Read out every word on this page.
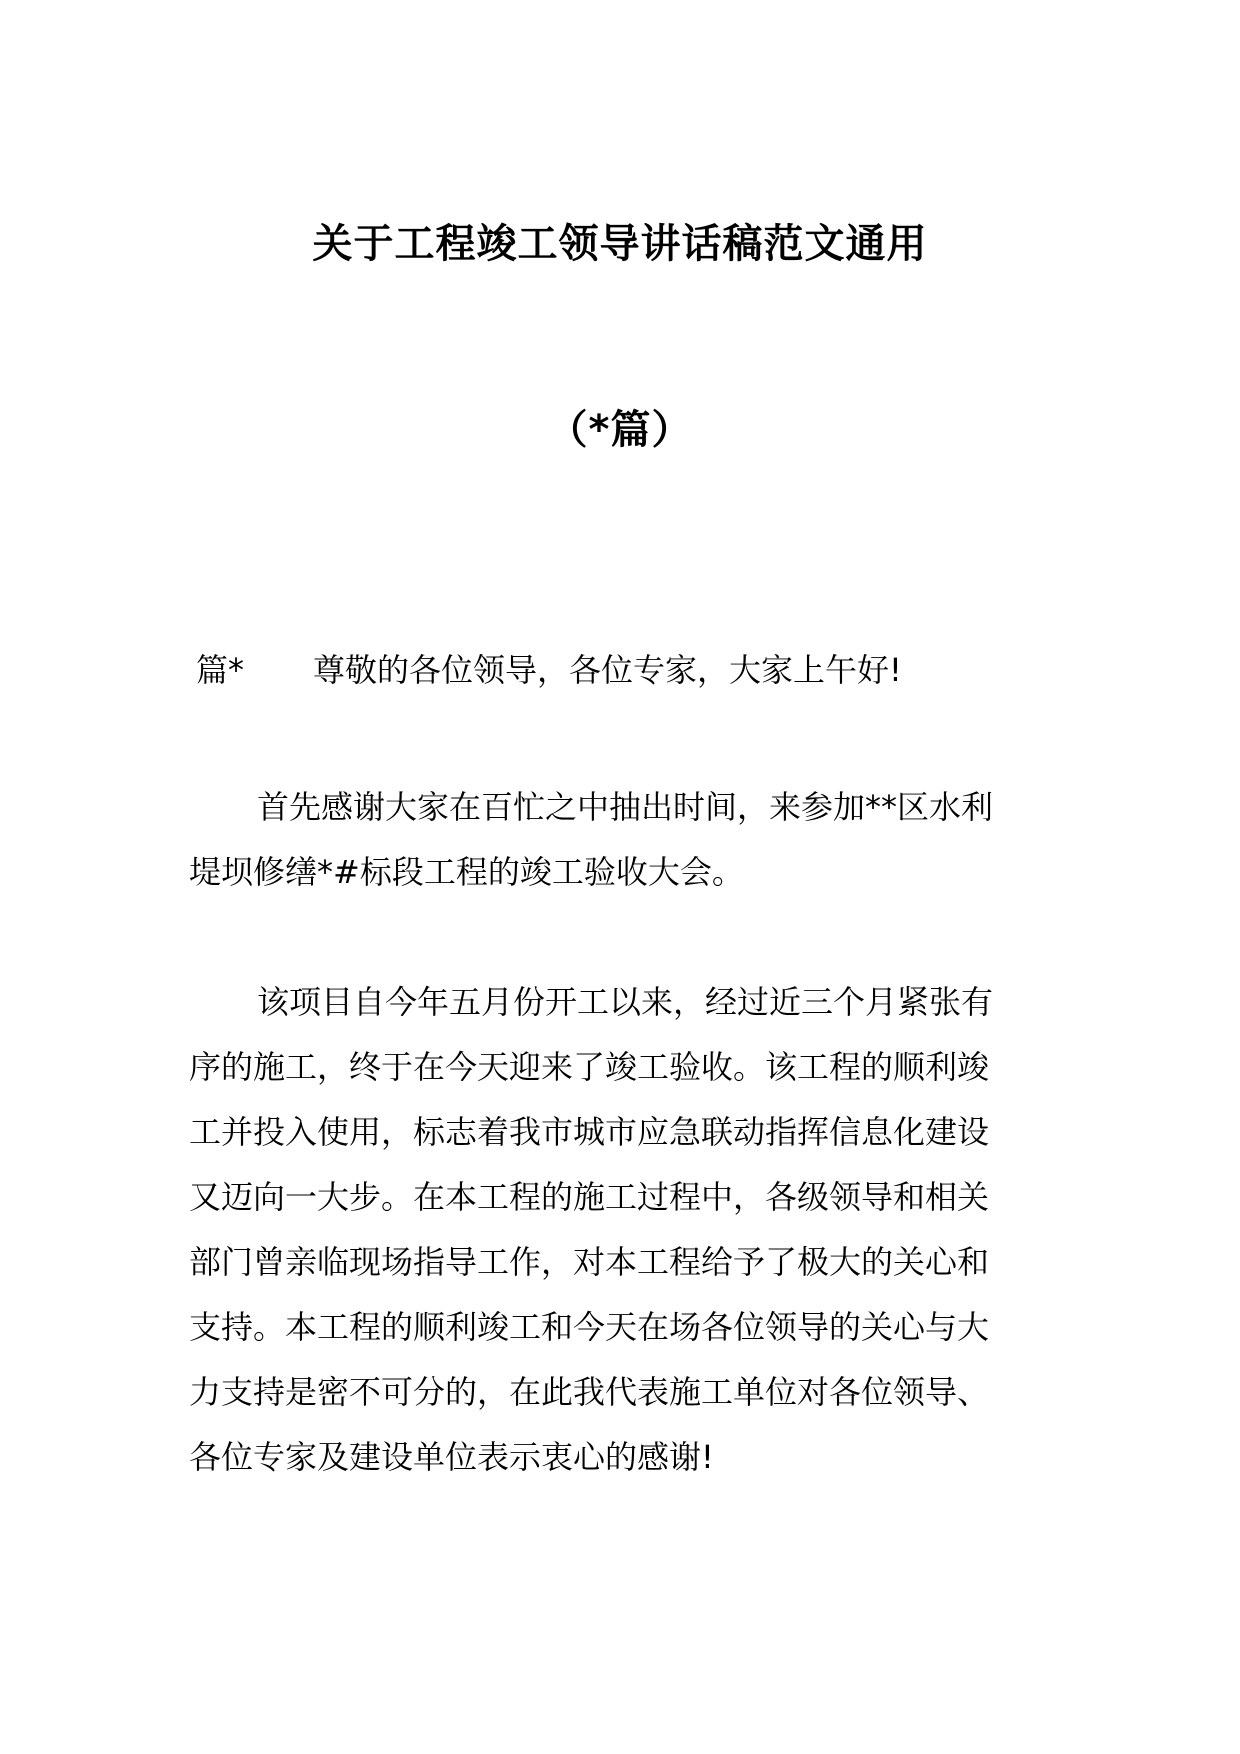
关于工程竣工领导讲话稿范文通用
（*篇）
篇* 尊敬的各位领导，各位专家，大家上午好!
首先感谢大家在百忙之中抽出时间，来参加**区水利
堤坝修缮*#标段工程的竣工验收大会。
该项目自今年五月份开工以来，经过近三个月紧张有
序的施工，终于在今天迎来了竣工验收。该工程的顺利竣
工并投入使用，标志着我市城市应急联动指挥信息化建设
又迈向一大步。在本工程的施工过程中，各级领导和相关
部门曾亲临现场指导工作，对本工程给予了极大的关心和
支持。本工程的顺利竣工和今天在场各位领导的关心与大
力支持是密不可分的，在此我代表施工单位对各位领导、
各位专家及建设单位表示衷心的感谢!
